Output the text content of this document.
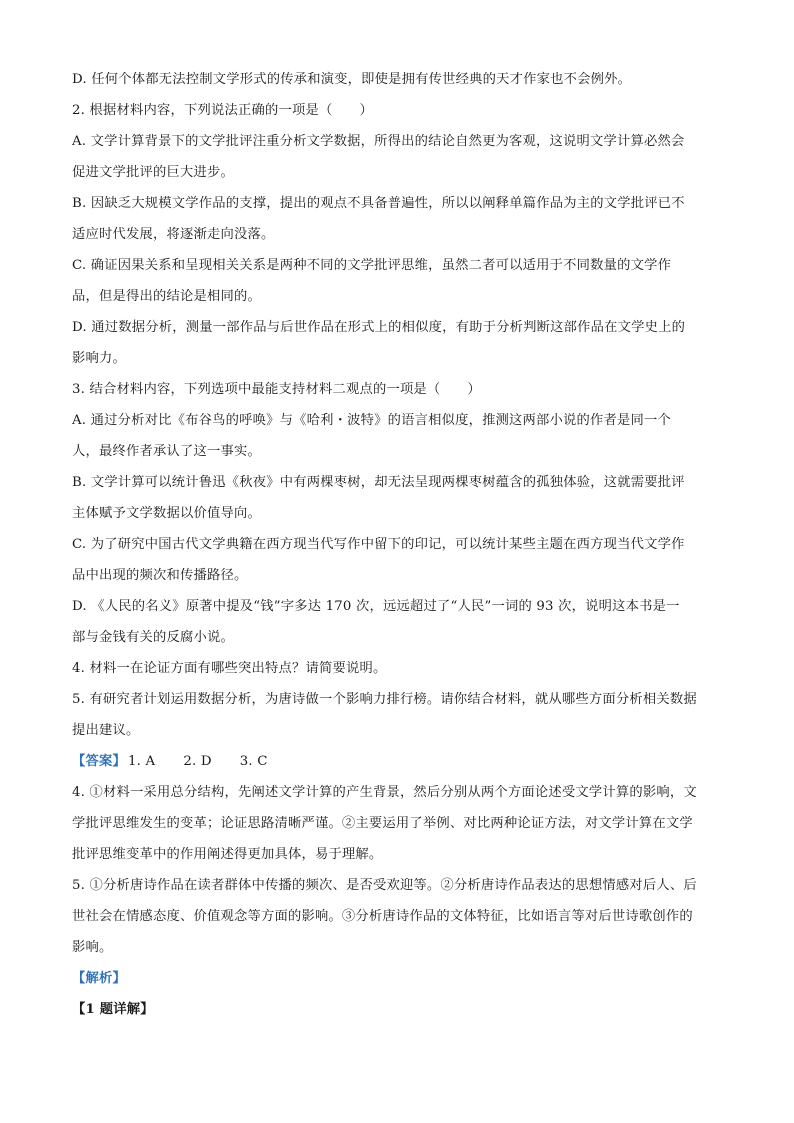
D. 任何个体都无法控制文学形式的传承和演变，即使是拥有传世经典的天才作家也不会例外。
2. 根据材料内容，下列说法正确的一项是（　　）
A. 文学计算背景下的文学批评注重分析文学数据，所得出的结论自然更为客观，这说明文学计算必然会
促进文学批评的巨大进步。
B. 因缺乏大规模文学作品的支撑，提出的观点不具备普遍性，所以以阐释单篇作品为主的文学批评已不
适应时代发展，将逐渐走向没落。
C. 确证因果关系和呈现相关关系是两种不同的文学批评思维，虽然二者可以适用于不同数量的文学作
品，但是得出的结论是相同的。
D. 通过数据分析，测量一部作品与后世作品在形式上的相似度，有助于分析判断这部作品在文学史上的
影响力。
3. 结合材料内容，下列选项中最能支持材料二观点的一项是（　　）
A. 通过分析对比《布谷鸟的呼唤》与《哈利・波特》的语言相似度，推测这两部小说的作者是同一个
人，最终作者承认了这一事实。
B. 文学计算可以统计鲁迅《秋夜》中有两棵枣树，却无法呈现两棵枣树蕴含的孤独体验，这就需要批评
主体赋予文学数据以价值导向。
C. 为了研究中国古代文学典籍在西方现当代写作中留下的印记，可以统计某些主题在西方现当代文学作
品中出现的频次和传播路径。
D. 《人民的名义》原著中提及“钱”字多达 170 次，远远超过了“人民”一词的 93 次，说明这本书是一
部与金钱有关的反腐小说。
4. 材料一在论证方面有哪些突出特点？请简要说明。
5. 有研究者计划运用数据分析，为唐诗做一个影响力排行榜。请你结合材料，就从哪些方面分析相关数据
提出建议。
【答案】 1. A 2. D 3. C
4. ①材料一采用总分结构，先阐述文学计算的产生背景，然后分别从两个方面论述受文学计算的影响，文
学批评思维发生的变革；论证思路清晰严谨。②主要运用了举例、对比两种论证方法，对文学计算在文学
批评思维变革中的作用阐述得更加具体，易于理解。
5. ①分析唐诗作品在读者群体中传播的频次、是否受欢迎等。②分析唐诗作品表达的思想情感对后人、后
世社会在情感态度、价值观念等方面的影响。③分析唐诗作品的文体特征，比如语言等对后世诗歌创作的
影响。
【解析】
【1 题详解】
